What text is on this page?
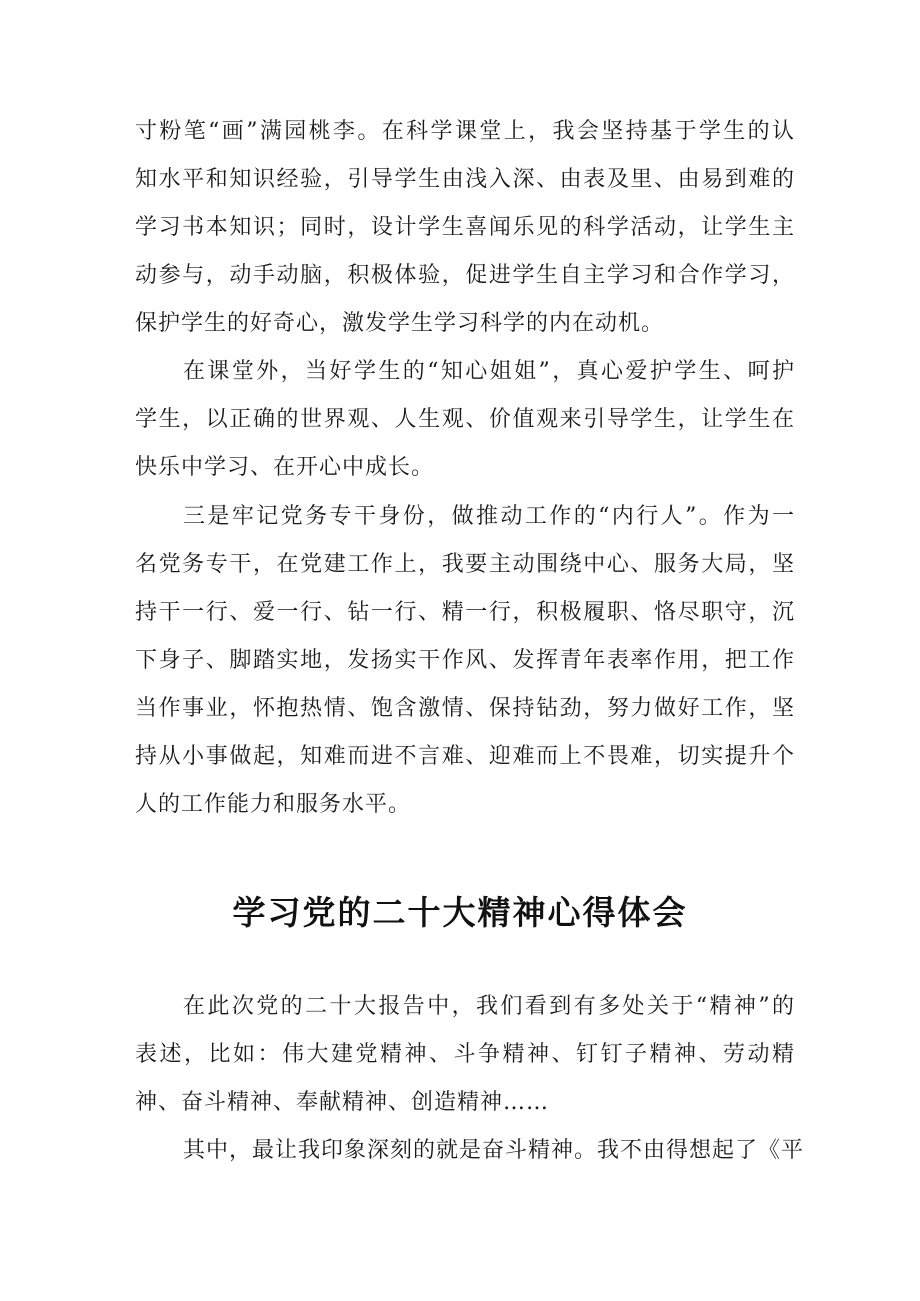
寸粉笔“画”满园桃李。在科学课堂上，我会坚持基于学生的认
知水平和知识经验，引导学生由浅入深、由表及里、由易到难的
学习书本知识；同时，设计学生喜闻乐见的科学活动，让学生主
动参与，动手动脑，积极体验，促进学生自主学习和合作学习，
保护学生的好奇心，激发学生学习科学的内在动机。
在课堂外，当好学生的“知心姐姐”，真心爱护学生、呵护
学生，以正确的世界观、人生观、价值观来引导学生，让学生在
快乐中学习、在开心中成长。
三是牢记党务专干身份，做推动工作的“内行人”。作为一
名党务专干，在党建工作上，我要主动围绕中心、服务大局，坚
持干一行、爱一行、钻一行、精一行，积极履职、恪尽职守，沉
下身子、脚踏实地，发扬实干作风、发挥青年表率作用，把工作
当作事业，怀抱热情、饱含激情、保持钻劲，努力做好工作，坚
持从小事做起，知难而进不言难、迎难而上不畏难，切实提升个
人的工作能力和服务水平。
学习党的二十大精神心得体会
在此次党的二十大报告中，我们看到有多处关于“精神”的
表述，比如：伟大建党精神、斗争精神、钉钉子精神、劳动精
神、奋斗精神、奉献精神、创造精神……
其中，最让我印象深刻的就是奋斗精神。我不由得想起了《平
